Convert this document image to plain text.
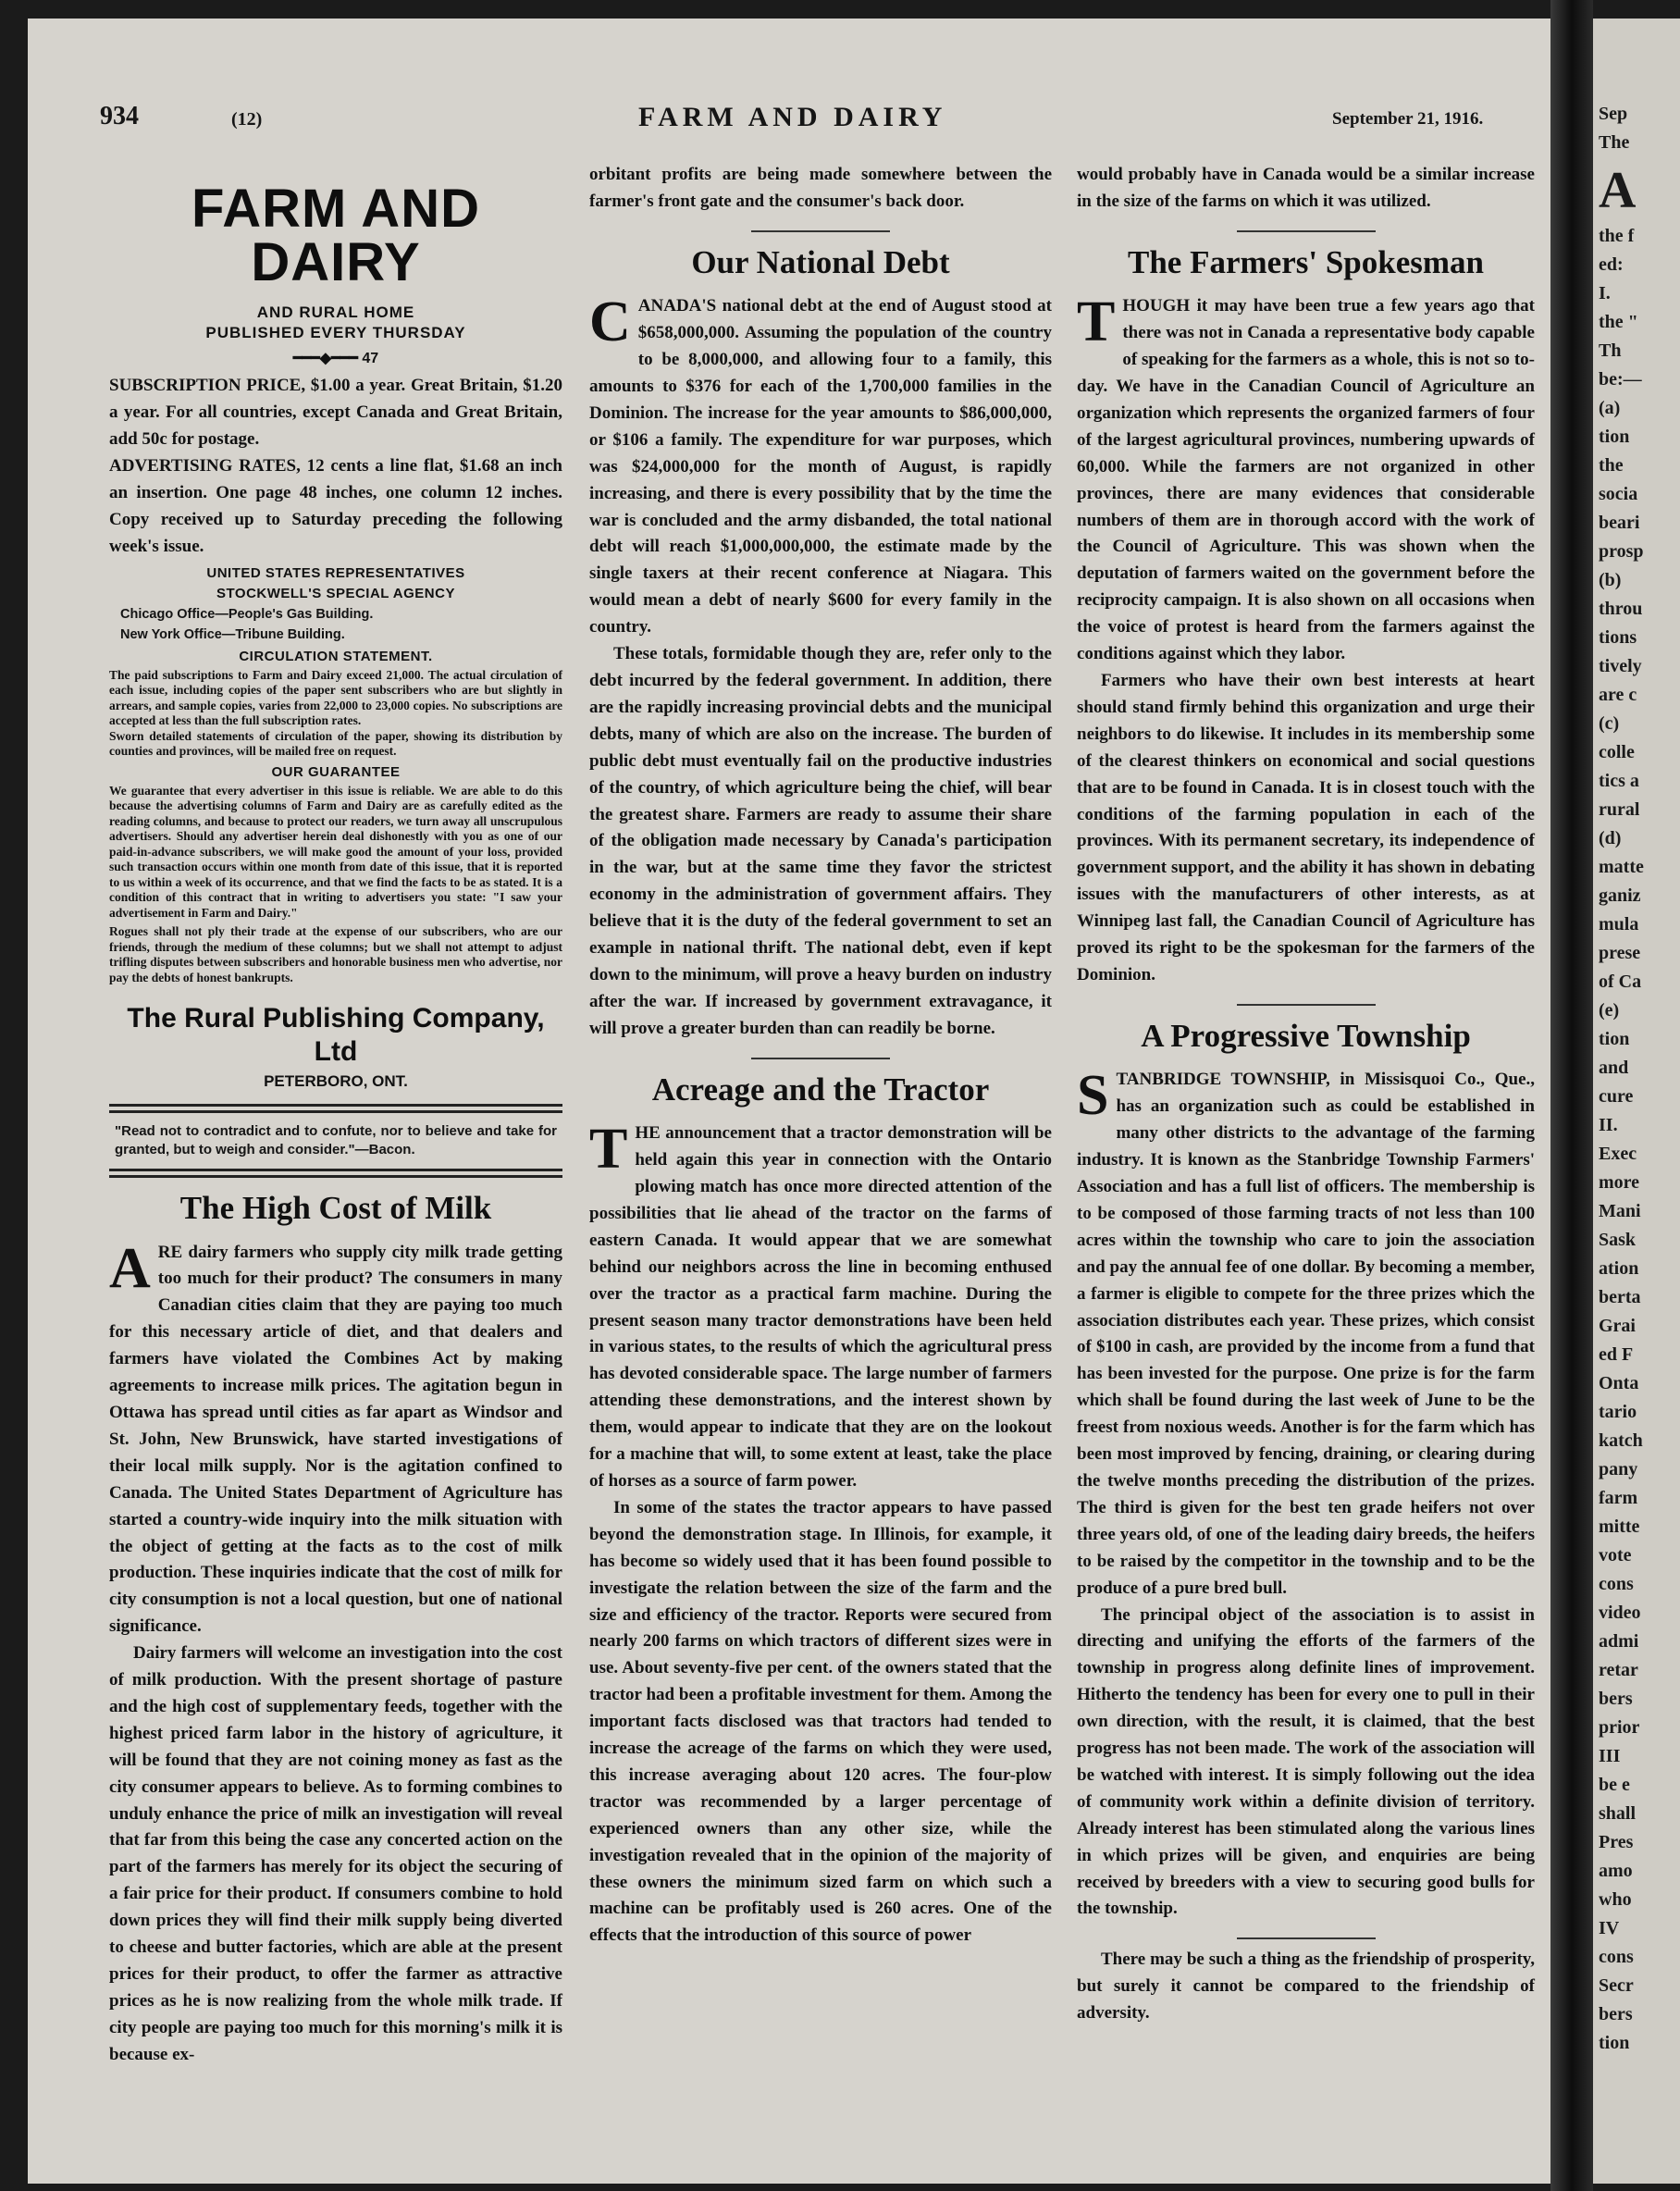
934	(12)	FARM AND DAIRY	September 21, 1916.
FARM AND DAIRY
AND RURAL HOME
PUBLISHED EVERY THURSDAY
━━━◆━━━ 47

SUBSCRIPTION PRICE, $1.00 a year. Great Britain, $1.20 a year. For all countries, except Canada and Great Britain, add 50c for postage.

ADVERTISING RATES, 12 cents a line flat, $1.68 an inch an insertion. One page 48 inches, one column 12 inches. Copy received up to Saturday preceding the following week's issue.

UNITED STATES REPRESENTATIVES
STOCKWELL'S SPECIAL AGENCY
Chicago Office—People's Gas Building.
New York Office—Tribune Building.
CIRCULATION STATEMENT.

The paid subscriptions to Farm and Dairy exceed 21,000. The actual circulation of each issue, including copies of the paper sent subscribers who are but slightly in arrears, and sample copies, varies from 22,000 to 23,000 copies. No subscriptions are accepted at less than the full subscription rates.

Sworn detailed statements of circulation of the paper, showing its distribution by counties and provinces, will be mailed free on request.

OUR GUARANTEE

We guarantee that every advertiser in this issue is reliable. We are able to do this because the advertising columns of Farm and Dairy are as carefully edited as the reading columns, and because to protect our readers, we turn away all unscrupulous advertisers. Should any advertiser herein deal dishonestly with you as one of our paid-in-advance subscribers, we will make good the amount of your loss, provided such transaction occurs within one month from date of this issue, that it is reported to us within a week of its occurrence, and that we find the facts to be as stated. It is a condition of this contract that in writing to advertisers you state: "I saw your advertisement in Farm and Dairy."

Rogues shall not ply their trade at the expense of our subscribers, who are our friends, through the medium of these columns; but we shall not attempt to adjust trifling disputes between subscribers and honorable business men who advertise, nor pay the debts of honest bankrupts.

The Rural Publishing Company, Ltd
PETERBORO, ONT.
"Read not to contradict and to confute, nor to believe and take for granted, but to weigh and consider."—Bacon.
The High Cost of Milk

ARE dairy farmers who supply city milk trade getting too much for their product? The consumers in many Canadian cities claim that they are paying too much for this necessary article of diet, and that dealers and farmers have violated the Combines Act by making agreements to increase milk prices. The agitation begun in Ottawa has spread until cities as far apart as Windsor and St. John, New Brunswick, have started investigations of their local milk supply. Nor is the agitation confined to Canada. The United States Department of Agriculture has started a country-wide inquiry into the milk situation with the object of getting at the facts as to the cost of milk production. These inquiries indicate that the cost of milk for city consumption is not a local question, but one of national significance.

Dairy farmers will welcome an investigation into the cost of milk production. With the present shortage of pasture and the high cost of supplementary feeds, together with the highest priced farm labor in the history of agriculture, it will be found that they are not coining money as fast as the city consumer appears to believe. As to forming combines to unduly enhance the price of milk an investigation will reveal that far from this being the case any concerted action on the part of the farmers has merely for its object the securing of a fair price for their product. If consumers combine to hold down prices they will find their milk supply being diverted to cheese and butter factories, which are able at the present prices for their product, to offer the farmer as attractive prices as he is now realizing from the whole milk trade. If city people are paying too much for this morning's milk it is because ex-

orbitant profits are being made somewhere between the farmer's front gate and the consumer's back door.

Our National Debt

CANADA'S national debt at the end of August stood at $658,000,000. Assuming the population of the country to be 8,000,000, and allowing four to a family, this amounts to $376 for each of the 1,700,000 families in the Dominion. The increase for the year amounts to $86,000,000, or $106 a family. The expenditure for war purposes, which was $24,000,000 for the month of August, is rapidly increasing, and there is every possibility that by the time the war is concluded and the army disbanded, the total national debt will reach $1,000,000,000, the estimate made by the single taxers at their recent conference at Niagara. This would mean a debt of nearly $600 for every family in the country.

These totals, formidable though they are, refer only to the debt incurred by the federal government. In addition, there are the rapidly increasing provincial debts and the municipal debts, many of which are also on the increase. The burden of public debt must eventually fail on the productive industries of the country, of which agriculture being the chief, will bear the greatest share. Farmers are ready to assume their share of the obligation made necessary by Canada's participation in the war, but at the same time they favor the strictest economy in the administration of government affairs. They believe that it is the duty of the federal government to set an example in national thrift. The national debt, even if kept down to the minimum, will prove a heavy burden on industry after the war. If increased by government extravagance, it will prove a greater burden than can readily be borne.

Acreage and the Tractor

THE announcement that a tractor demonstration will be held again this year in connection with the Ontario plowing match has once more directed attention of the possibilities that lie ahead of the tractor on the farms of eastern Canada. It would appear that we are somewhat behind our neighbors across the line in becoming enthused over the tractor as a practical farm machine. During the present season many tractor demonstrations have been held in various states, to the results of which the agricultural press has devoted considerable space. The large number of farmers attending these demonstrations, and the interest shown by them, would appear to indicate that they are on the lookout for a machine that will, to some extent at least, take the place of horses as a source of farm power.

In some of the states the tractor appears to have passed beyond the demonstration stage. In Illinois, for example, it has become so widely used that it has been found possible to investigate the relation between the size of the farm and the size and efficiency of the tractor. Reports were secured from nearly 200 farms on which tractors of different sizes were in use. About seventy-five per cent. of the owners stated that the tractor had been a profitable investment for them. Among the important facts disclosed was that tractors had tended to increase the acreage of the farms on which they were used, this increase averaging about 120 acres. The four-plow tractor was recommended by a larger percentage of experienced owners than any other size, while the investigation revealed that in the opinion of the majority of these owners the minimum sized farm on which such a machine can be profitably used is 260 acres. One of the effects that the introduction of this source of power

would probably have in Canada would be a similar increase in the size of the farms on which it was utilized.

The Farmers' Spokesman

THOUGH it may have been true a few years ago that there was not in Canada a representative body capable of speaking for the farmers as a whole, this is not so to-day. We have in the Canadian Council of Agriculture an organization which represents the organized farmers of four of the largest agricultural provinces, numbering upwards of 60,000. While the farmers are not organized in other provinces, there are many evidences that considerable numbers of them are in thorough accord with the work of the Council of Agriculture. This was shown when the deputation of farmers waited on the government before the reciprocity campaign. It is also shown on all occasions when the voice of protest is heard from the farmers against the conditions against which they labor.

Farmers who have their own best interests at heart should stand firmly behind this organization and urge their neighbors to do likewise. It includes in its membership some of the clearest thinkers on economical and social questions that are to be found in Canada. It is in closest touch with the conditions of the farming population in each of the provinces. With its permanent secretary, its independence of government support, and the ability it has shown in debating issues with the manufacturers of other interests, as at Winnipeg last fall, the Canadian Council of Agriculture has proved its right to be the spokesman for the farmers of the Dominion.

A Progressive Township

STANBRIDGE TOWNSHIP, in Missisquoi Co., Que., has an organization such as could be established in many other districts to the advantage of the farming industry. It is known as the Stanbridge Township Farmers' Association and has a full list of officers. The membership is to be composed of those farming tracts of not less than 100 acres within the township who care to join the association and pay the annual fee of one dollar. By becoming a member, a farmer is eligible to compete for the three prizes which the association distributes each year. These prizes, which consist of $100 in cash, are provided by the income from a fund that has been invested for the purpose. One prize is for the farm which shall be found during the last week of June to be the freest from noxious weeds. Another is for the farm which has been most improved by fencing, draining, or clearing during the twelve months preceding the distribution of the prizes. The third is given for the best ten grade heifers not over three years old, of one of the leading dairy breeds, the heifers to be raised by the competitor in the township and to be the produce of a pure bred bull.

The principal object of the association is to assist in directing and unifying the efforts of the farmers of the township in progress along definite lines of improvement. Hitherto the tendency has been for every one to pull in their own direction, with the result, it is claimed, that the best progress has not been made. The work of the association will be watched with interest. It is simply following out the idea of community work within a definite division of territory. Already interest has been stimulated along the various lines in which prizes will be given, and enquiries are being received by breeders with a view to securing good bulls for the township.

There may be such a thing as the friendship of prosperity, but surely it cannot be compared to the friendship of adversity.

Sep
The
A
the f
ed:
I.
the "
Th
be:—
(a)
tion
the
socia
beari
prosp
(b)
throu
tions
tively
are c
(c)
colle
tics a
rural
(d)
matte
ganiz
mula
prese
of Ca
(e)
tion
and
cure
II.
Exec
more
Mani
Sask
ation
berta
Grai
ed F
Onta
tario
katch
pany
farm
mitte
vote
cons
video
admi
retar
bers
prior
III
be e
shall
Pres
amo
who
IV
cons
Secr
bers
tion
